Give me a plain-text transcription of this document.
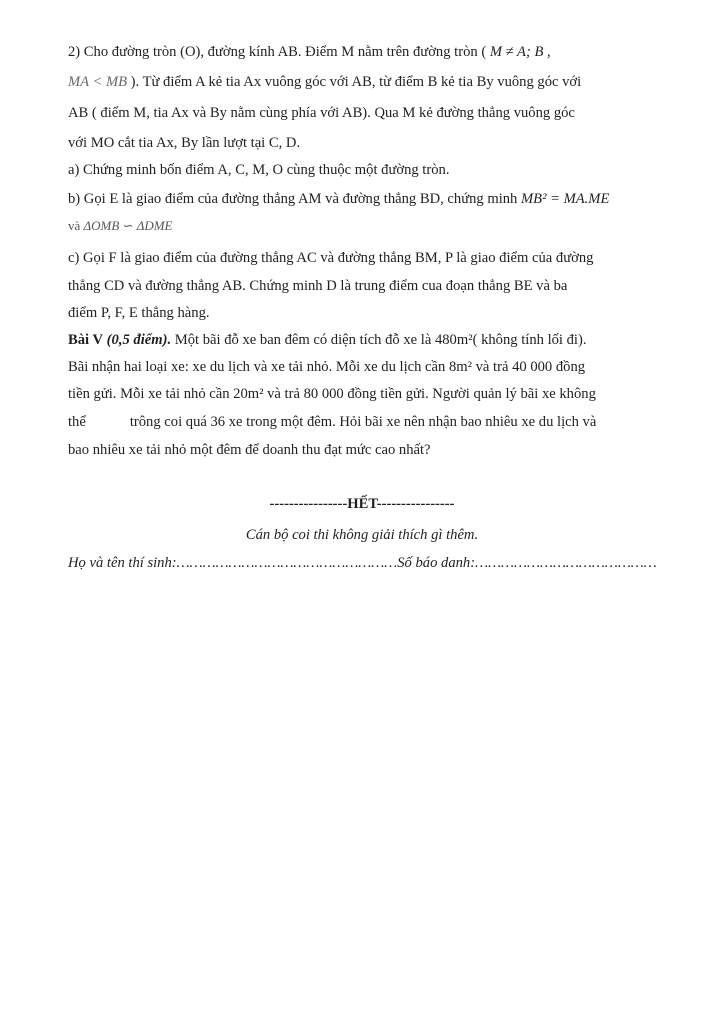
2) Cho đường tròn (O), đường kính AB. Điểm M nằm trên đường tròn ( M ≠ A; B ,
MA < MB ). Từ điểm A kẻ tia Ax vuông góc với AB, từ điểm B kẻ tia By vuông góc với
AB ( điểm M, tia Ax và By nằm cùng phía với AB). Qua M kẻ đường thẳng vuông góc
với MO cắt tia Ax, By lần lượt tại C, D.
a) Chứng minh bốn điểm A, C, M, O cùng thuộc một đường tròn.
b) Gọi E là giao điểm của đường thẳng AM và đường thẳng BD, chứng minh MB² = MA.ME
và ΔOMB ∽ ΔDME
c) Gọi F là giao điểm của đường thẳng AC và đường thẳng BM, P là giao điểm của đường
thẳng CD và đường thẳng AB. Chứng minh D là trung điểm cua đoạn thẳng BE và ba
điểm P, F, E thẳng hàng.
Bài V (0,5 điểm). Một bãi đỗ xe ban đêm có diện tích đỗ xe là 480m²( không tính lối đi).
Bãi nhận hai loại xe: xe du lịch và xe tải nhỏ. Mỗi xe du lịch cần 8m² và trả 40 000 đồng
tiền gửi. Mỗi xe tải nhỏ cần 20m² và trả 80 000 đồng tiền gửi. Người quản lý bãi xe không
thể	trông coi quá 36 xe trong một đêm. Hỏi bãi xe nên nhận bao nhiêu xe du lịch và
bao nhiêu xe tải nhỏ một đêm để doanh thu đạt mức cao nhất?
----------------HẾT----------------
Cán bộ coi thi không giải thích gì thêm.
Họ và tên thí sinh:……………………………………………Số báo danh:……………………………………
